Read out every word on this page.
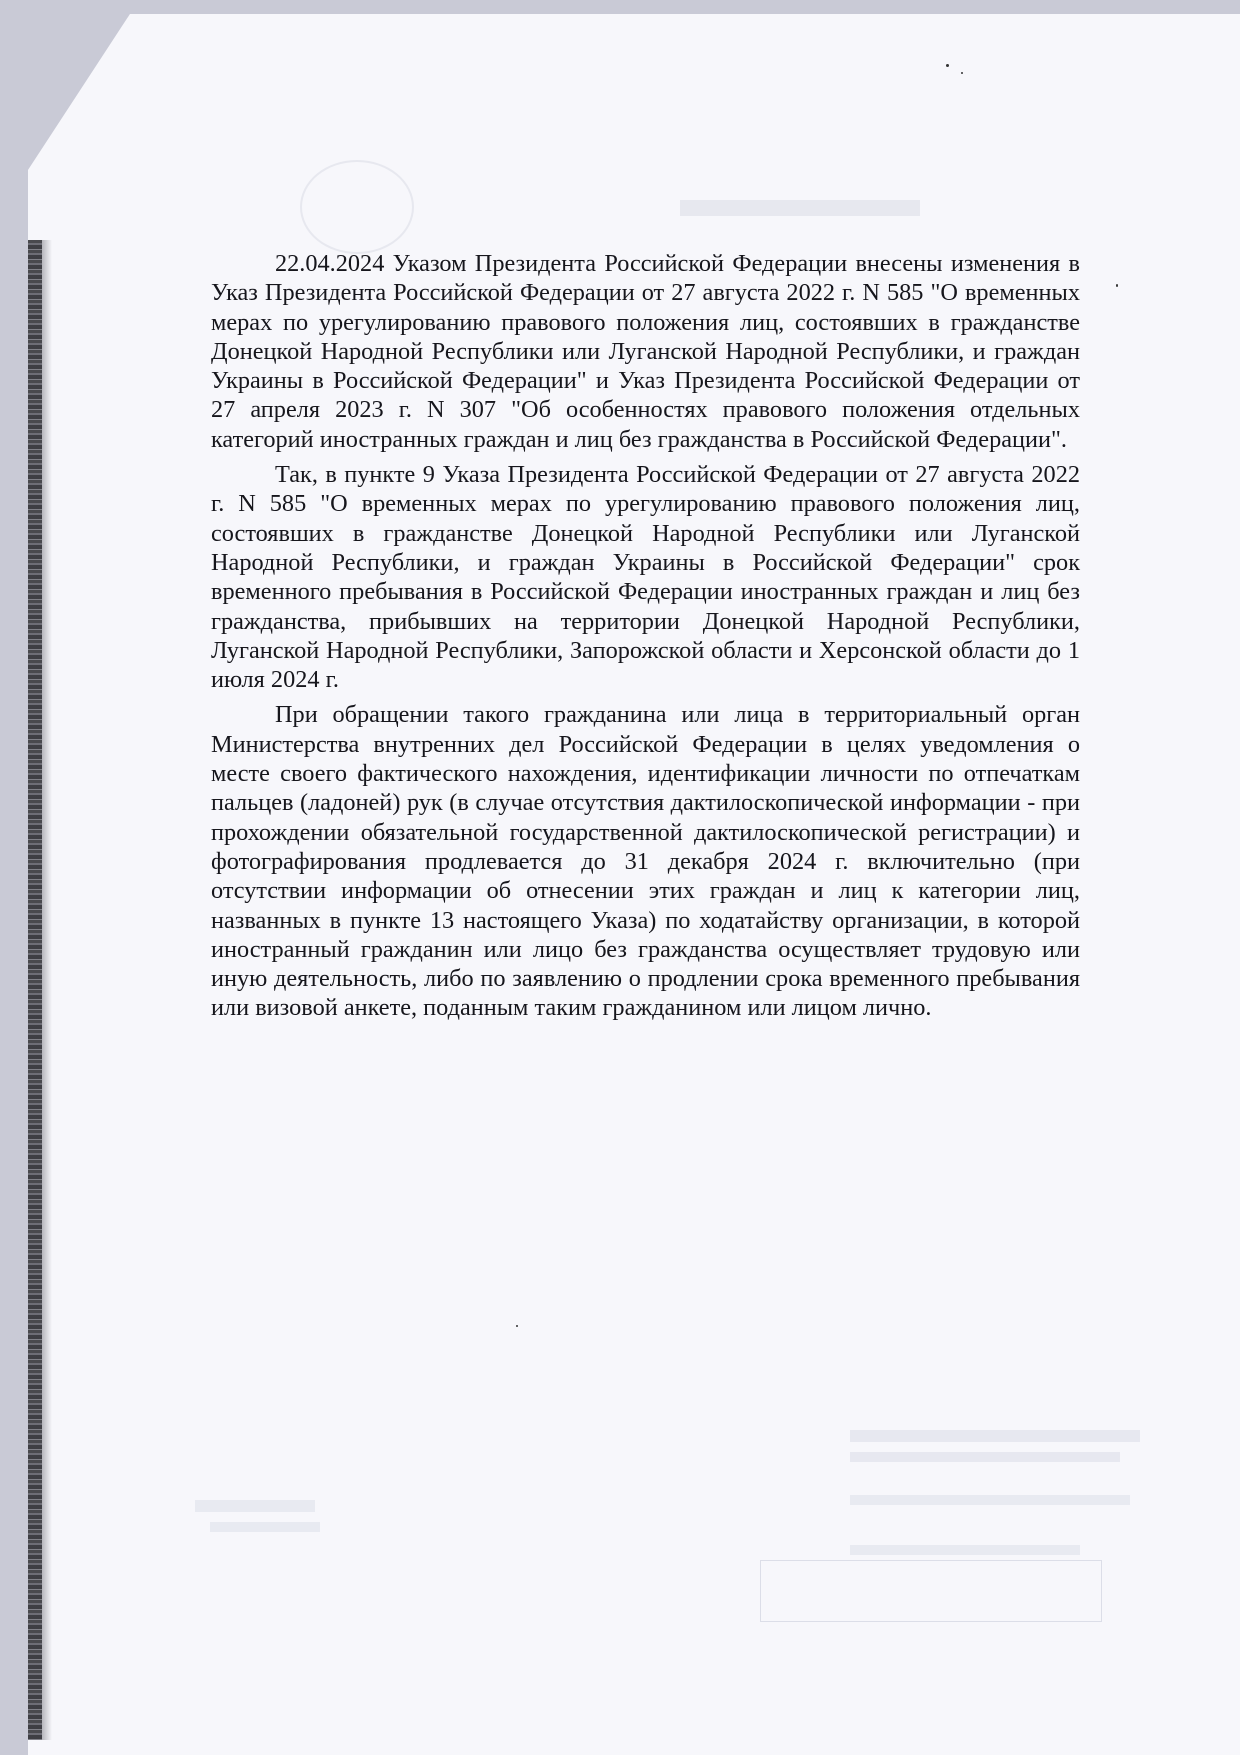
22.04.2024 Указом Президента Российской Федерации внесены изменения в Указ Президента Российской Федерации от 27 августа 2022 г. N 585 "О временных мерах по урегулированию правового положения лиц, состоявших в гражданстве Донецкой Народной Республики или Луганской Народной Республики, и граждан Украины в Российской Федерации" и Указ Президента Российской Федерации от 27 апреля 2023 г. N 307 "Об особенностях правового положения отдельных категорий иностранных граждан и лиц без гражданства в Российской Федерации".

Так, в пункте 9 Указа Президента Российской Федерации от 27 августа 2022 г. N 585 "О временных мерах по урегулированию правового положения лиц, состоявших в гражданстве Донецкой Народной Республики или Луганской Народной Республики, и граждан Украины в Российской Федерации" срок временного пребывания в Российской Федерации иностранных граждан и лиц без гражданства, прибывших на территории Донецкой Народной Республики, Луганской Народной Республики, Запорожской области и Херсонской области до 1 июля 2024 г.

При обращении такого гражданина или лица в территориальный орган Министерства внутренних дел Российской Федерации в целях уведомления о месте своего фактического нахождения, идентификации личности по отпечаткам пальцев (ладоней) рук (в случае отсутствия дактилоскопической информации - при прохождении обязательной государственной дактилоскопической регистрации) и фотографирования продлевается до 31 декабря 2024 г. включительно (при отсутствии информации об отнесении этих граждан и лиц к категории лиц, названных в пункте 13 настоящего Указа) по ходатайству организации, в которой иностранный гражданин или лицо без гражданства осуществляет трудовую или иную деятельность, либо по заявлению о продлении срока временного пребывания или визовой анкете, поданным таким гражданином или лицом лично.
